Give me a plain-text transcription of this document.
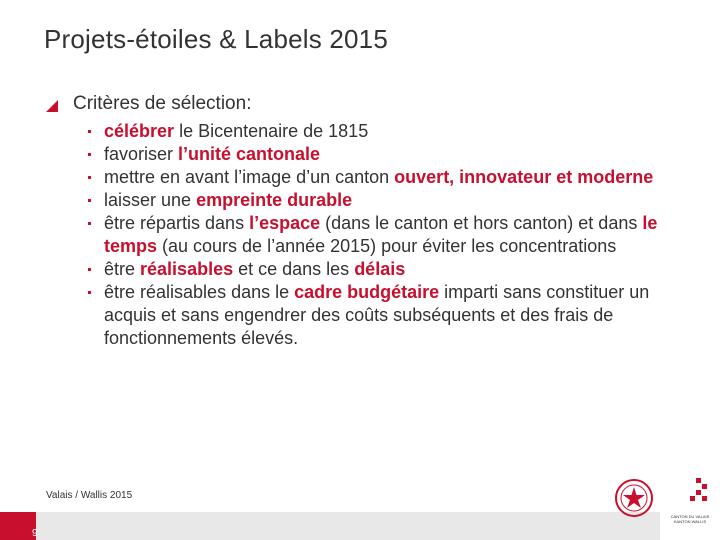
Projets-étoiles & Labels 2015
Critères de sélection:
célébrer le Bicentenaire de 1815
favoriser l’unité cantonale
mettre en avant l’image d’un canton ouvert, innovateur et moderne
laisser une empreinte durable
être répartis dans l’espace (dans le canton et hors canton) et dans le temps (au cours de l’année 2015) pour éviter les concentrations
être réalisables et ce dans les délais
être réalisables dans le cadre budgétaire imparti sans constituer un acquis et sans engendrer des coûts subséquents et des frais de fonctionnements élevés.
Valais / Wallis 2015
9
CANTON DU VALAIS
KANTON WALLIS
